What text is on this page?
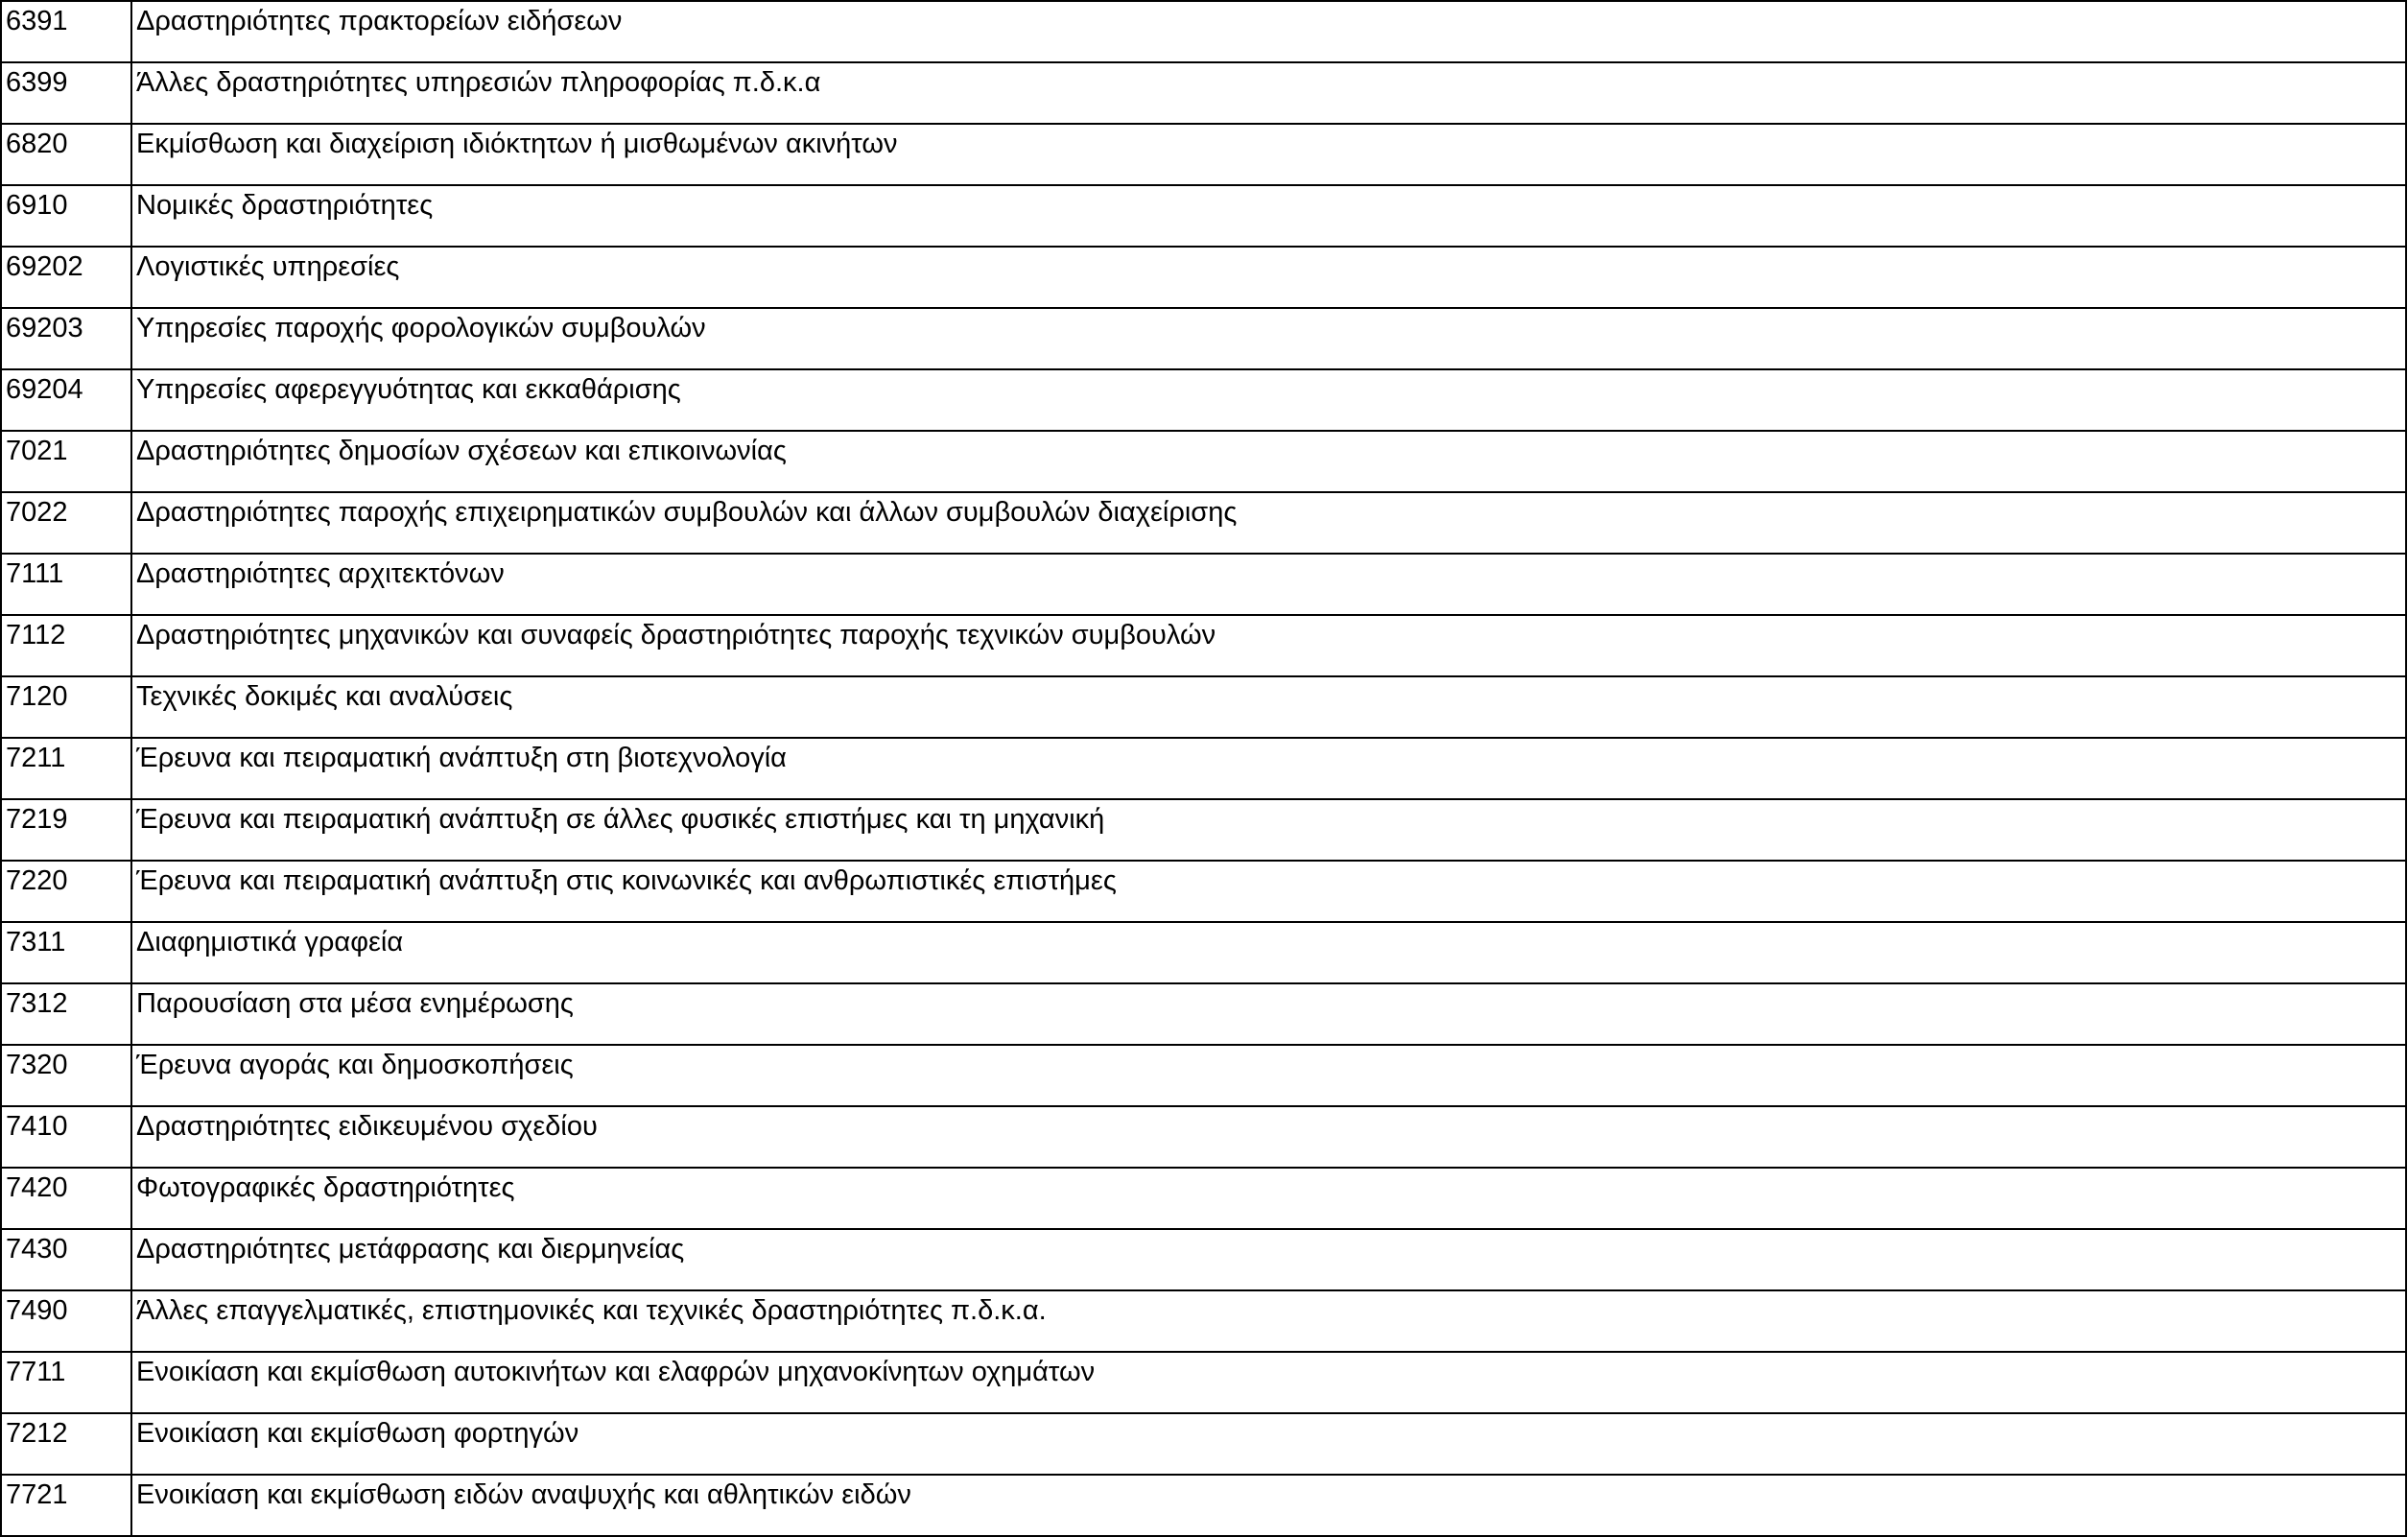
6391	Δραστηριότητες πρακτορείων ειδήσεων
6399	Άλλες δραστηριότητες υπηρεσιών πληροφορίας π.δ.κ.α
6820	Εκμίσθωση και διαχείριση ιδιόκτητων ή μισθωμένων ακινήτων
6910	Νομικές δραστηριότητες
69202	Λογιστικές υπηρεσίες
69203	Υπηρεσίες παροχής φορολογικών συμβουλών
69204	Υπηρεσίες αφερεγγυότητας και εκκαθάρισης
7021	Δραστηριότητες δημοσίων σχέσεων και επικοινωνίας
7022	Δραστηριότητες παροχής επιχειρηματικών συμβουλών και άλλων συμβουλών διαχείρισης
7111	Δραστηριότητες αρχιτεκτόνων
7112	Δραστηριότητες μηχανικών και συναφείς δραστηριότητες παροχής τεχνικών συμβουλών
7120	Τεχνικές δοκιμές και αναλύσεις
7211	Έρευνα και πειραματική ανάπτυξη στη βιοτεχνολογία
7219	Έρευνα και πειραματική ανάπτυξη σε άλλες φυσικές επιστήμες και τη μηχανική
7220	Έρευνα και πειραματική ανάπτυξη στις κοινωνικές και ανθρωπιστικές επιστήμες
7311	Διαφημιστικά γραφεία
7312	Παρουσίαση στα μέσα ενημέρωσης
7320	Έρευνα αγοράς και δημοσκοπήσεις
7410	Δραστηριότητες ειδικευμένου σχεδίου
7420	Φωτογραφικές δραστηριότητες
7430	Δραστηριότητες μετάφρασης και διερμηνείας
7490	Άλλες επαγγελματικές, επιστημονικές και τεχνικές δραστηριότητες π.δ.κ.α.
7711	Ενοικίαση και εκμίσθωση αυτοκινήτων και ελαφρών μηχανοκίνητων οχημάτων
7212	Ενοικίαση και εκμίσθωση φορτηγών
7721	Ενοικίαση και εκμίσθωση ειδών αναψυχής και αθλητικών ειδών
